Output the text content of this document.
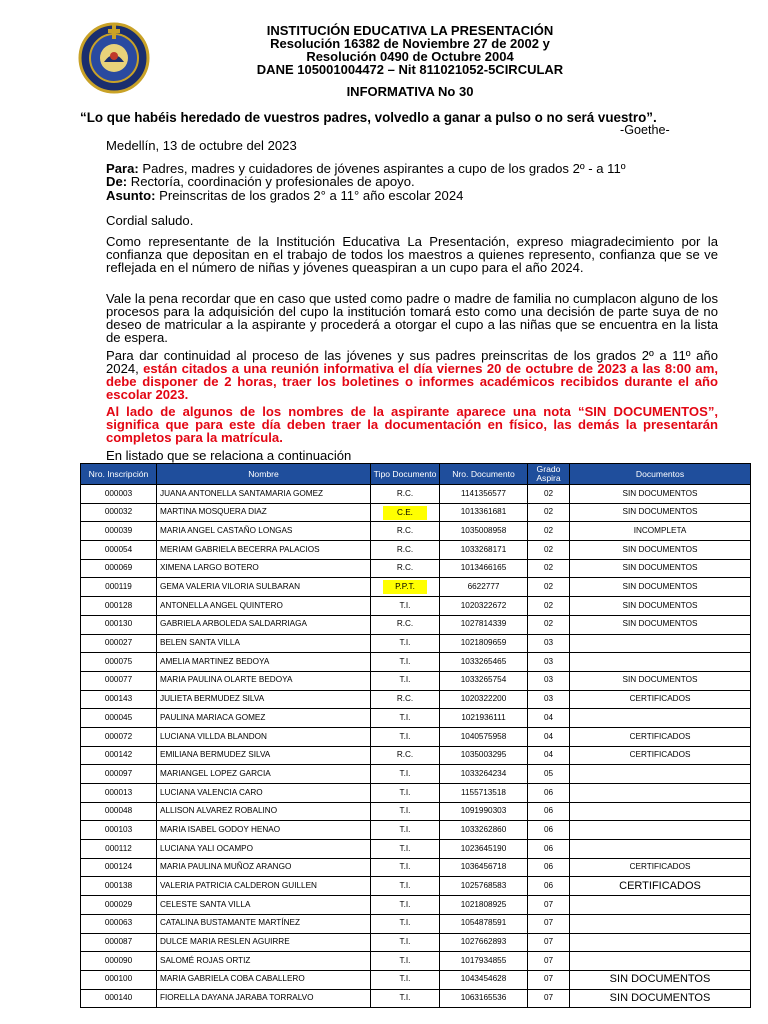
INSTITUCIÓN EDUCATIVA LA PRESENTACIÓN
Resolución 16382 de Noviembre 27 de 2002 y
Resolución 0490 de Octubre 2004
DANE 105001004472 – Nit 811021052-5CIRCULAR
INFORMATIVA No 30
“Lo que habéis heredado de vuestros padres, volvedlo a ganar a pulso o no será vuestro”.
-Goethe-
Medellín, 13 de octubre del 2023
Para: Padres, madres y cuidadores de jóvenes aspirantes a cupo de los grados 2º - a 11º
De: Rectoría, coordinación y profesionales de apoyo.
Asunto: Preinscritas de los grados 2° a 11° año escolar 2024
Cordial saludo.
Como representante de la Institución Educativa La Presentación, expreso miagradecimiento por la confianza que depositan en el trabajo de todos los maestros a quienes represento, confianza que se ve reflejada en el número de niñas y jóvenes queaspiran a un cupo para el año 2024.
Vale la pena recordar que en caso que usted como padre o madre de familia no cumplacon alguno de los procesos para la adquisición del cupo la institución tomará esto como una decisión de parte suya de no deseo de matricular a la aspirante y procederá a otorgar el cupo a las niñas que se encuentra en la lista de espera.
Para dar continuidad al proceso de las jóvenes y sus padres preinscritas de los grados 2º a 11º año 2024, están citados a una reunión informativa el día viernes 20 de octubre de 2023 a las 8:00 am, debe disponer de 2 horas, traer los boletines o informes académicos recibidos durante el año escolar 2023.
Al lado de algunos de los nombres de la aspirante aparece una nota “SIN DOCUMENTOS”, significa que para este día deben traer la documentación en físico, las demás la presentarán completos para la matrícula.
En listado que se relaciona a continuación
Nro. Inscripción	Nombre	Tipo Documento	Nro. Documento	Grado Aspira	Documentos
000003	JUANA ANTONELLA SANTAMARIA GOMEZ	R.C.	1141356577	02	SIN DOCUMENTOS
000032	MARTINA MOSQUERA DIAZ	C.E.	1013361681	02	SIN DOCUMENTOS
000039	MARIA ANGEL CASTAÑO LONGAS	R.C.	1035008958	02	INCOMPLETA
000054	MERIAM GABRIELA BECERRA PALACIOS	R.C.	1033268171	02	SIN DOCUMENTOS
000069	XIMENA LARGO BOTERO	R.C.	1013466165	02	SIN DOCUMENTOS
000119	GEMA VALERIA VILORIA SULBARAN	P.P.T.	6622777	02	SIN DOCUMENTOS
000128	ANTONELLA ANGEL QUINTERO	T.I.	1020322672	02	SIN DOCUMENTOS
000130	GABRIELA ARBOLEDA SALDARRIAGA	R.C.	1027814339	02	SIN DOCUMENTOS
000027	BELEN SANTA VILLA	T.I.	1021809659	03	
000075	AMELIA MARTINEZ BEDOYA	T.I.	1033265465	03	
000077	MARIA PAULINA OLARTE BEDOYA	T.I.	1033265754	03	SIN DOCUMENTOS
000143	JULIETA BERMUDEZ SILVA	R.C.	1020322200	03	CERTIFICADOS
000045	PAULINA MARIACA GOMEZ	T.I.	1021936111	04	
000072	LUCIANA VILLDA BLANDON	T.I.	1040575958	04	CERTIFICADOS
000142	EMILIANA BERMUDEZ SILVA	R.C.	1035003295	04	CERTIFICADOS
000097	MARIANGEL LOPEZ GARCIA	T.I.	1033264234	05	
000013	LUCIANA VALENCIA CARO	T.I.	1155713518	06	
000048	ALLISON ALVAREZ ROBALINO	T.I.	1091990303	06	
000103	MARIA ISABEL GODOY HENAO	T.I.	1033262860	06	
000112	LUCIANA YALI OCAMPO	T.I.	1023645190	06	
000124	MARIA PAULINA MUÑOZ ARANGO	T.I.	1036456718	06	CERTIFICADOS
000138	VALERIA PATRICIA CALDERON GUILLEN	T.I.	1025768583	06	CERTIFICADOS
000029	CELESTE SANTA VILLA	T.I.	1021808925	07	
000063	CATALINA BUSTAMANTE MARTÍNEZ	T.I.	1054878591	07	
000087	DULCE MARIA RESLEN AGUIRRE	T.I.	1027662893	07	
000090	SALOMÉ ROJAS ORTIZ	T.I.	1017934855	07	
000100	MARIA GABRIELA COBA CABALLERO	T.I.	1043454628	07	SIN DOCUMENTOS
000140	FIORELLA DAYANA JARABA TORRALVO	T.I.	1063165536	07	SIN DOCUMENTOS
